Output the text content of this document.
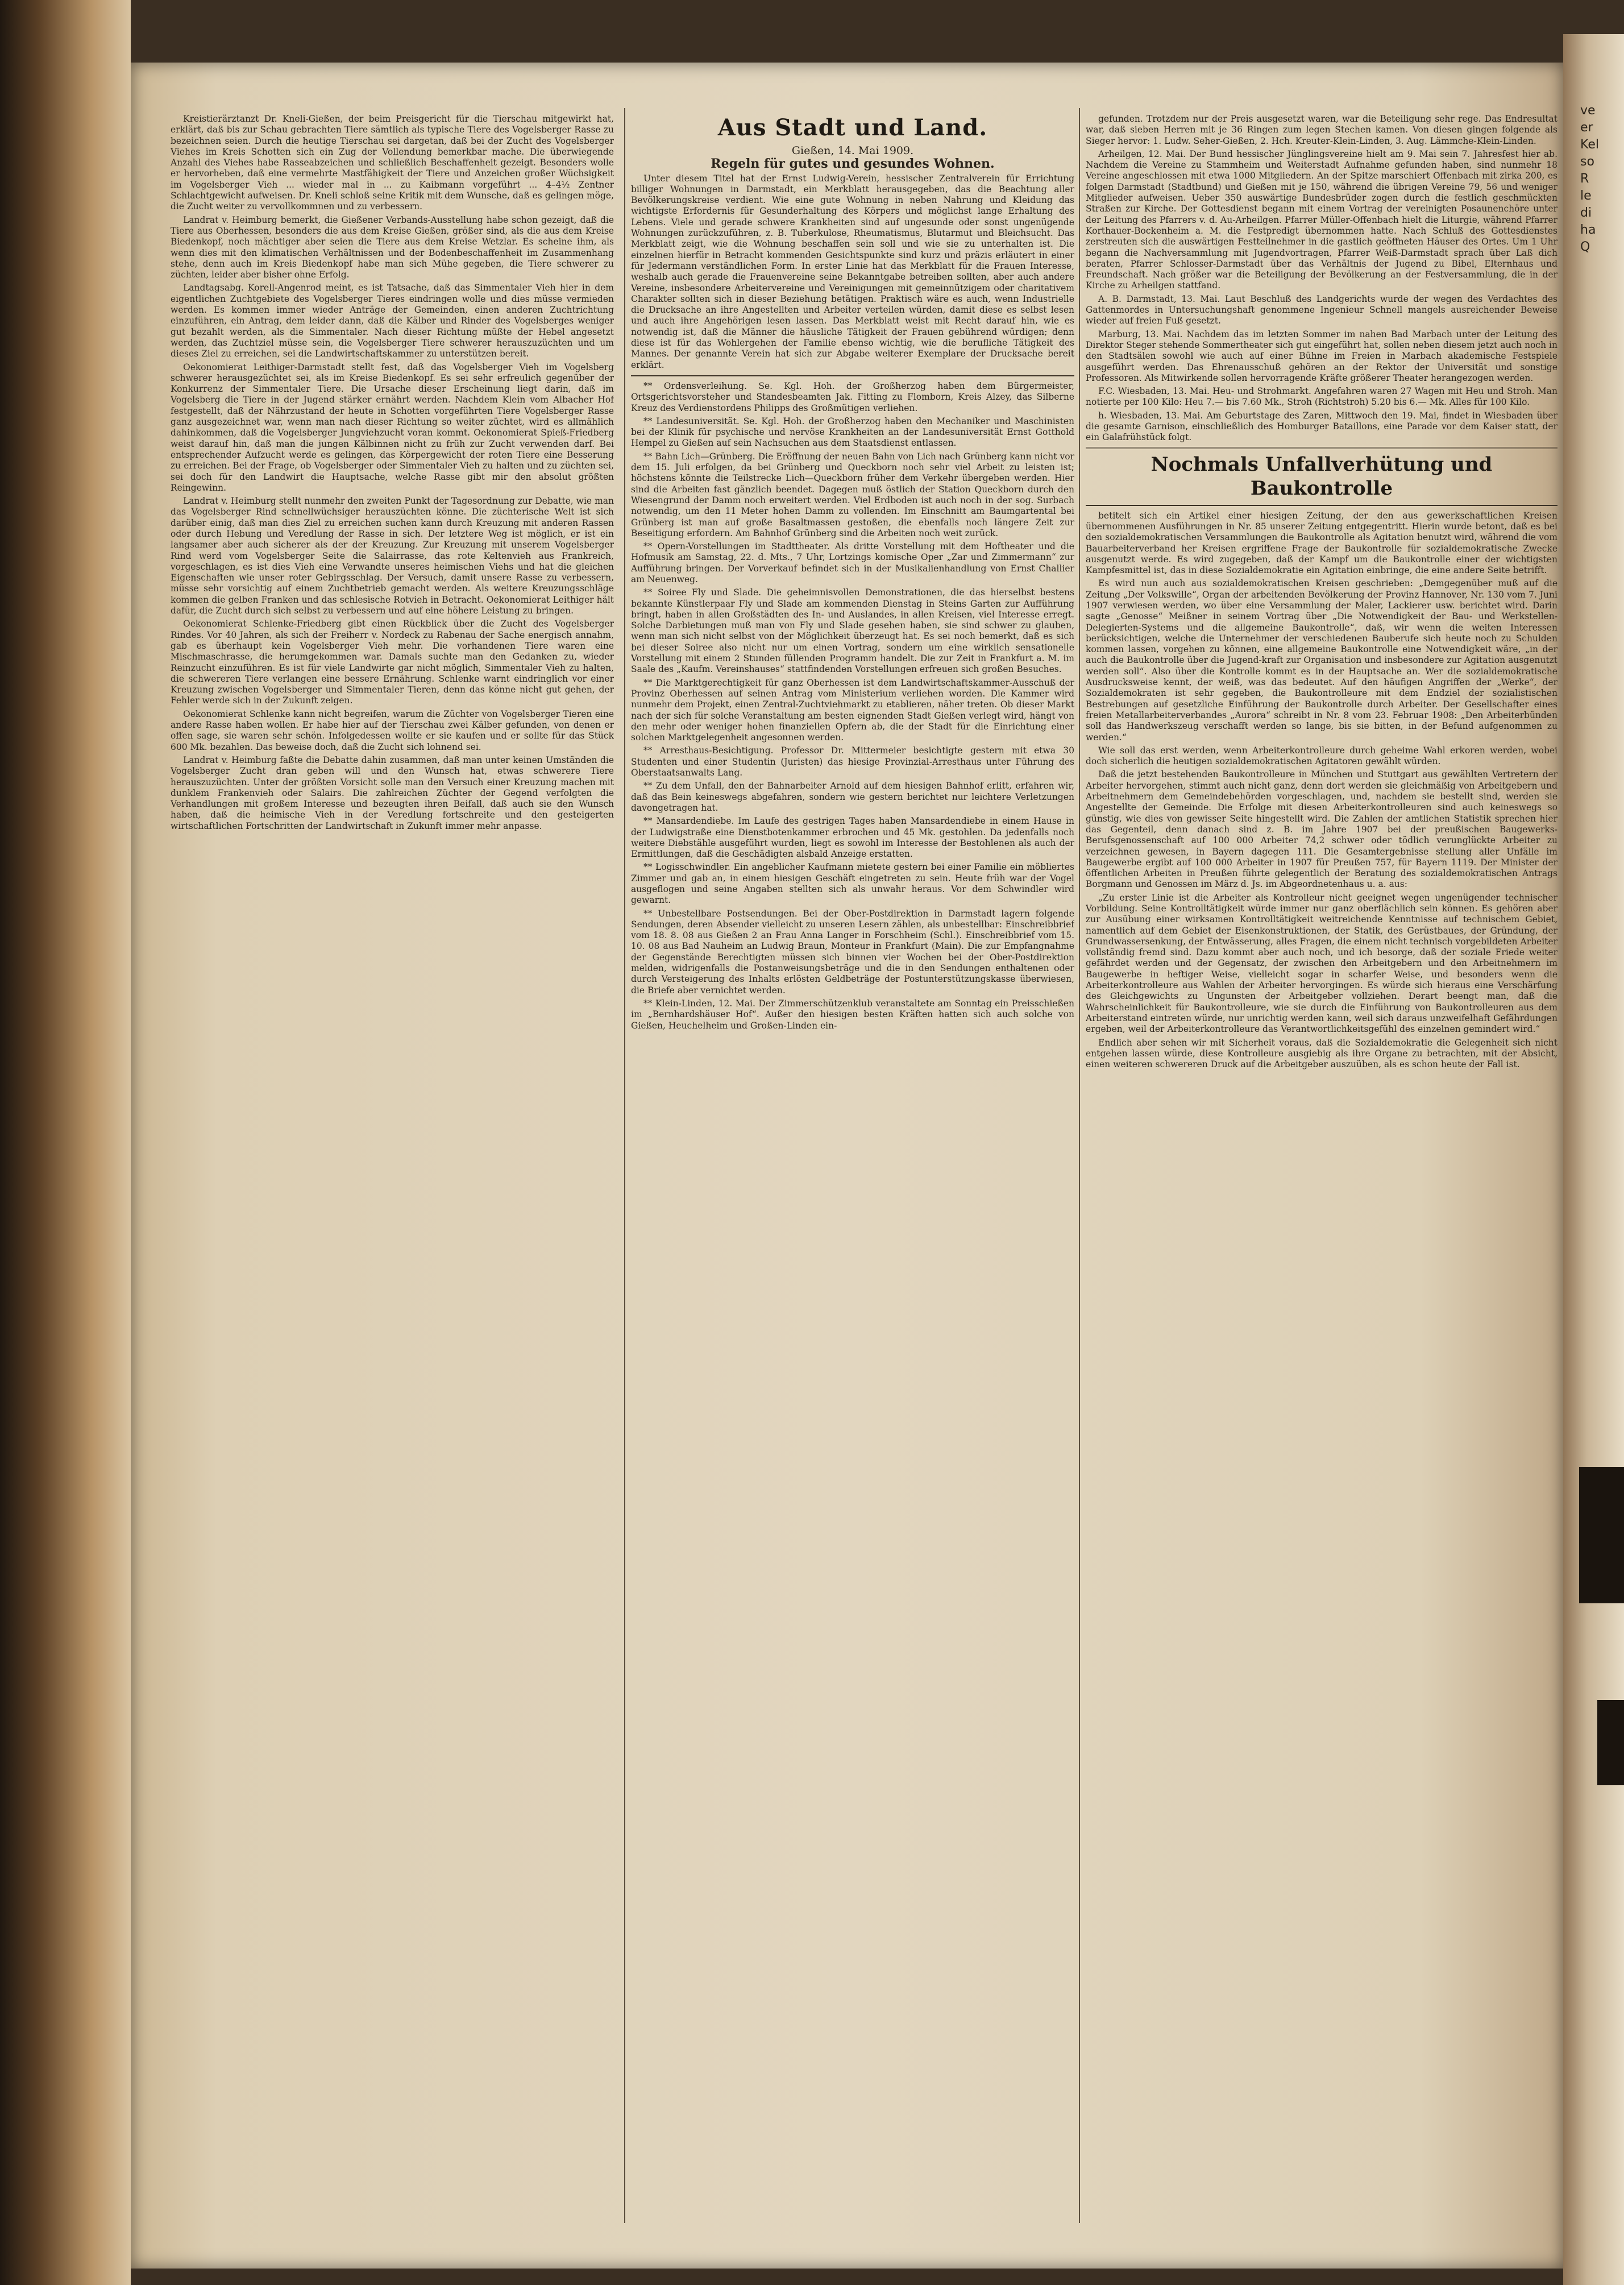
Kreistierärztanzt Dr. Kneli-Gießen, der beim Preisgericht für die Tierschau mitgewirkt hat, erklärt, daß bis zur Schau gebrachten Tiere sämtlich als typische Tiere des Vogelsberger Rasse zu bezeichnen seien. Durch die heutige Tierschau sei dargetan, daß bei der Zucht des Vogelsberger Viehes im Kreis Schotten sich ein Zug der Vollendung bemerkbar mache. Die überwiegende Anzahl des Viehes habe Rasseabzeichen und schließlich Beschaffenheit gezeigt. Besonders wolle er hervorheben, daß eine vermehrte Mastfähigkeit der Tiere und Anzeichen großer Wüchsigkeit im Vogelsberger Vieh ... wieder mal in ... zu Kaibmann vorgeführt ... 4–4½ Zentner Schlachtgewicht aufweisen. Dr. Kneli schloß seine Kritik mit dem Wunsche, daß es gelingen möge, die Zucht weiter zu vervollkommnen und zu verbessern.

Landrat v. Heimburg bemerkt, die Gießener Verbands-Ausstellung habe schon gezeigt, daß die Tiere aus Oberhessen, besonders die aus dem Kreise Gießen, größer sind, als die aus dem Kreise Biedenkopf, noch mächtiger aber seien die Tiere aus dem Kreise Wetzlar. Es scheine ihm, als wenn dies mit den klimatischen Verhältnissen und der Bodenbeschaffenheit im Zusammenhang stehe, denn auch im Kreis Biedenkopf habe man sich Mühe gegeben, die Tiere schwerer zu züchten, leider aber bisher ohne Erfolg.

Landtagsabg. Korell-Angenrod meint, es ist Tatsache, daß das Simmentaler Vieh hier in dem eigentlichen Zuchtgebiete des Vogelsberger Tieres eindringen wolle und dies müsse vermieden werden. Es kommen immer wieder Anträge der Gemeinden, einen anderen Zuchtrichtung einzuführen, ein Antrag, dem leider dann, daß die Kälber und Rinder des Vogelsberges weniger gut bezahlt werden, als die Simmentaler. Nach dieser Richtung müßte der Hebel angesetzt werden, das Zuchtziel müsse sein, die Vogelsberger Tiere schwerer herauszuzüchten und um dieses Ziel zu erreichen, sei die Landwirtschaftskammer zu unterstützen bereit.

Oekonomierat Leithiger-Darmstadt stellt fest, daß das Vogelsberger Vieh im Vogelsberg schwerer herausgezüchtet sei, als im Kreise Biedenkopf. Es sei sehr erfreulich gegenüber der Konkurrenz der Simmentaler Tiere. Die Ursache dieser Erscheinung liegt darin, daß im Vogelsberg die Tiere in der Jugend stärker ernährt werden. Nachdem Klein vom Albacher Hof festgestellt, daß der Nährzustand der heute in Schotten vorgeführten Tiere Vogelsberger Rasse ganz ausgezeichnet war, wenn man nach dieser Richtung so weiter züchtet, wird es allmählich dahinkommen, daß die Vogelsberger Jungviehzucht voran kommt. Oekonomierat Spieß-Friedberg weist darauf hin, daß man die jungen Kälbinnen nicht zu früh zur Zucht verwenden darf. Bei entsprechender Aufzucht werde es gelingen, das Körpergewicht der roten Tiere eine Besserung zu erreichen. Bei der Frage, ob Vogelsberger oder Simmentaler Vieh zu halten und zu züchten sei, sei doch für den Landwirt die Hauptsache, welche Rasse gibt mir den absolut größten Reingewinn.

Landrat v. Heimburg stellt nunmehr den zweiten Punkt der Tagesordnung zur Debatte, wie man das Vogelsberger Rind schnellwüchsiger herauszüchten könne. Die züchterische Welt ist sich darüber einig, daß man dies Ziel zu erreichen suchen kann durch Kreuzung mit anderen Rassen oder durch Hebung und Veredlung der Rasse in sich. Der letztere Weg ist möglich, er ist ein langsamer aber auch sicherer als der der Kreuzung. Zur Kreuzung mit unserem Vogelsberger Rind werd vom Vogelsberger Seite die Salairrasse, das rote Keltenvieh aus Frankreich, vorgeschlagen, es ist dies Vieh eine Verwandte unseres heimischen Viehs und hat die gleichen Eigenschaften wie unser roter Gebirgsschlag. Der Versuch, damit unsere Rasse zu verbessern, müsse sehr vorsichtig auf einem Zuchtbetrieb gemacht werden. Als weitere Kreuzungsschläge kommen die gelben Franken und das schlesische Rotvieh in Betracht. Oekonomierat Leithiger hält dafür, die Zucht durch sich selbst zu verbessern und auf eine höhere Leistung zu bringen.

Oekonomierat Schlenke-Friedberg gibt einen Rückblick über die Zucht des Vogelsberger Rindes. Vor 40 Jahren, als sich der Freiherr v. Nordeck zu Rabenau der Sache energisch annahm, gab es überhaupt kein Vogelsberger Vieh mehr. Die vorhandenen Tiere waren eine Mischmaschrasse, die herumgekommen war. Damals suchte man den Gedanken zu, wieder Reinzucht einzuführen. Es ist für viele Landwirte gar nicht möglich, Simmentaler Vieh zu halten, die schwereren Tiere verlangen eine bessere Ernährung. Schlenke warnt eindringlich vor einer Kreuzung zwischen Vogelsberger und Simmentaler Tieren, denn das könne nicht gut gehen, der Fehler werde sich in der Zukunft zeigen.

Oekonomierat Schlenke kann nicht begreifen, warum die Züchter von Vogelsberger Tieren eine andere Rasse haben wollen. Er habe hier auf der Tierschau zwei Kälber gefunden, von denen er offen sage, sie waren sehr schön. Infolgedessen wollte er sie kaufen und er sollte für das Stück 600 Mk. bezahlen. Das beweise doch, daß die Zucht sich lohnend sei.

Landrat v. Heimburg faßte die Debatte dahin zusammen, daß man unter keinen Umständen die Vogelsberger Zucht dran geben will und den Wunsch hat, etwas schwerere Tiere herauszuzüchten. Unter der größten Vorsicht solle man den Versuch einer Kreuzung machen mit dunklem Frankenvieh oder Salairs. Die zahlreichen Züchter der Gegend verfolgten die Verhandlungen mit großem Interesse und bezeugten ihren Beifall, daß auch sie den Wunsch haben, daß die heimische Vieh in der Veredlung fortschreite und den gesteigerten wirtschaftlichen Fortschritten der Landwirtschaft in Zukunft immer mehr anpasse.

Aus Stadt und Land.
Gießen, 14. Mai 1909.
Regeln für gutes und gesundes Wohnen.

Unter diesem Titel hat der Ernst Ludwig-Verein, hessischer Zentralverein für Errichtung billiger Wohnungen in Darmstadt, ein Merkblatt herausgegeben, das die Beachtung aller Bevölkerungskreise verdient. Wie eine gute Wohnung in neben Nahrung und Kleidung das wichtigste Erfordernis für Gesunderhaltung des Körpers und möglichst lange Erhaltung des Lebens. Viele und gerade schwere Krankheiten sind auf ungesunde oder sonst ungenügende Wohnungen zurückzuführen, z. B. Tuberkulose, Rheumatismus, Blutarmut und Bleichsucht. Das Merkblatt zeigt, wie die Wohnung beschaffen sein soll und wie sie zu unterhalten ist. Die einzelnen hierfür in Betracht kommenden Gesichtspunkte sind kurz und präzis erläutert in einer für Jedermann verständlichen Form. In erster Linie hat das Merkblatt für die Frauen Interesse, weshalb auch gerade die Frauenvereine seine Bekanntgabe betreiben sollten, aber auch andere Vereine, insbesondere Arbeitervereine und Vereinigungen mit gemeinnützigem oder charitativem Charakter sollten sich in dieser Beziehung betätigen. Praktisch wäre es auch, wenn Industrielle die Drucksache an ihre Angestellten und Arbeiter verteilen würden, damit diese es selbst lesen und auch ihre Angehörigen lesen lassen. Das Merkblatt weist mit Recht darauf hin, wie es notwendig ist, daß die Männer die häusliche Tätigkeit der Frauen gebührend würdigen; denn diese ist für das Wohlergehen der Familie ebenso wichtig, wie die berufliche Tätigkeit des Mannes. Der genannte Verein hat sich zur Abgabe weiterer Exemplare der Drucksache bereit erklärt.

** Ordensverleihung. Se. Kgl. Hoh. der Großherzog haben dem Bürgermeister, Ortsgerichtsvorsteher und Standesbeamten Jak. Fitting zu Flomborn, Kreis Alzey, das Silberne Kreuz des Verdienstordens Philipps des Großmütigen verliehen.

** Landesuniversität. Se. Kgl. Hoh. der Großherzog haben den Mechaniker und Maschinisten bei der Klinik für psychische und nervöse Krankheiten an der Landesuniversität Ernst Gotthold Hempel zu Gießen auf sein Nachsuchen aus dem Staatsdienst entlassen.

** Bahn Lich—Grünberg. Die Eröffnung der neuen Bahn von Lich nach Grünberg kann nicht vor dem 15. Juli erfolgen, da bei Grünberg und Queckborn noch sehr viel Arbeit zu leisten ist; höchstens könnte die Teilstrecke Lich—Queckborn früher dem Verkehr übergeben werden. Hier sind die Arbeiten fast gänzlich beendet. Dagegen muß östlich der Station Queckborn durch den Wiesengrund der Damm noch erweitert werden. Viel Erdboden ist auch noch in der sog. Surbach notwendig, um den 11 Meter hohen Damm zu vollenden. Im Einschnitt am Baumgartental bei Grünberg ist man auf große Basaltmassen gestoßen, die ebenfalls noch längere Zeit zur Beseitigung erfordern. Am Bahnhof Grünberg sind die Arbeiten noch weit zurück.

** Opern-Vorstellungen im Stadttheater. Als dritte Vorstellung mit dem Hoftheater und die Hofmusik am Samstag, 22. d. Mts., 7 Uhr, Lortzings komische Oper „Zar und Zimmermann“ zur Aufführung bringen. Der Vorverkauf befindet sich in der Musikalienhandlung von Ernst Challier am Neuenweg.

** Soiree Fly und Slade. Die geheimnisvollen Demonstrationen, die das hierselbst bestens bekannte Künstlerpaar Fly und Slade am kommenden Dienstag in Steins Garten zur Aufführung bringt, haben in allen Großstädten des In- und Auslandes, in allen Kreisen, viel Interesse erregt. Solche Darbietungen muß man von Fly und Slade gesehen haben, sie sind schwer zu glauben, wenn man sich nicht selbst von der Möglichkeit überzeugt hat. Es sei noch bemerkt, daß es sich bei dieser Soiree also nicht nur um einen Vortrag, sondern um eine wirklich sensationelle Vorstellung mit einem 2 Stunden füllenden Programm handelt. Die zur Zeit in Frankfurt a. M. im Saale des „Kaufm. Vereinshauses“ stattfindenden Vorstellungen erfreuen sich großen Besuches.

** Die Marktgerechtigkeit für ganz Oberhessen ist dem Landwirtschaftskammer-Ausschuß der Provinz Oberhessen auf seinen Antrag vom Ministerium verliehen worden. Die Kammer wird nunmehr dem Projekt, einen Zentral-Zuchtviehmarkt zu etablieren, näher treten. Ob dieser Markt nach der sich für solche Veranstaltung am besten eignenden Stadt Gießen verlegt wird, hängt von den mehr oder weniger hohen finanziellen Opfern ab, die der Stadt für die Einrichtung einer solchen Marktgelegenheit angesonnen werden.

** Arresthaus-Besichtigung. Professor Dr. Mittermeier besichtigte gestern mit etwa 30 Studenten und einer Studentin (Juristen) das hiesige Provinzial-Arresthaus unter Führung des Oberstaatsanwalts Lang.

** Zu dem Unfall, den der Bahnarbeiter Arnold auf dem hiesigen Bahnhof erlitt, erfahren wir, daß das Bein keineswegs abgefahren, sondern wie gestern berichtet nur leichtere Verletzungen davongetragen hat.

** Mansardendiebe. Im Laufe des gestrigen Tages haben Mansardendiebe in einem Hause in der Ludwigstraße eine Dienstbotenkammer erbrochen und 45 Mk. gestohlen. Da jedenfalls noch weitere Diebstähle ausgeführt wurden, liegt es sowohl im Interesse der Bestohlenen als auch der Ermittlungen, daß die Geschädigten alsbald Anzeige erstatten.

** Logisschwindler. Ein angeblicher Kaufmann mietete gestern bei einer Familie ein möbliertes Zimmer und gab an, in einem hiesigen Geschäft eingetreten zu sein. Heute früh war der Vogel ausgeflogen und seine Angaben stellten sich als unwahr heraus. Vor dem Schwindler wird gewarnt.

** Unbestellbare Postsendungen. Bei der Ober-Postdirektion in Darmstadt lagern folgende Sendungen, deren Absender vielleicht zu unseren Lesern zählen, als unbestellbar: Einschreibbrief vom 18. 8. 08 aus Gießen 2 an Frau Anna Langer in Forschheim (Schl.). Einschreibbrief vom 15. 10. 08 aus Bad Nauheim an Ludwig Braun, Monteur in Frankfurt (Main). Die zur Empfangnahme der Gegenstände Berechtigten müssen sich binnen vier Wochen bei der Ober-Postdirektion melden, widrigenfalls die Postanweisungsbeträge und die in den Sendungen enthaltenen oder durch Versteigerung des Inhalts erlösten Geldbeträge der Postunterstützungskasse überwiesen, die Briefe aber vernichtet werden.

** Klein-Linden, 12. Mai. Der Zimmerschützenklub veranstaltete am Sonntag ein Preisschießen im „Bernhardshäuser Hof“. Außer den hiesigen besten Kräften hatten sich auch solche von Gießen, Heuchelheim und Großen-Linden ein-

gefunden. Trotzdem nur der Preis ausgesetzt waren, war die Beteiligung sehr rege. Das Endresultat war, daß sieben Herren mit je 36 Ringen zum legen Stechen kamen. Von diesen gingen folgende als Sieger hervor: 1. Ludw. Seher-Gießen, 2. Hch. Kreuter-Klein-Linden, 3. Aug. Lämmche-Klein-Linden.

Arheilgen, 12. Mai. Der Bund hessischer Jünglingsvereine hielt am 9. Mai sein 7. Jahresfest hier ab. Nachdem die Vereine zu Stammheim und Weiterstadt Aufnahme gefunden haben, sind nunmehr 18 Vereine angeschlossen mit etwa 1000 Mitgliedern. An der Spitze marschiert Offenbach mit zirka 200, es folgen Darmstadt (Stadtbund) und Gießen mit je 150, während die übrigen Vereine 79, 56 und weniger Mitglieder aufweisen. Ueber 350 auswärtige Bundesbrüder zogen durch die festlich geschmückten Straßen zur Kirche. Der Gottesdienst begann mit einem Vortrag der vereinigten Posaunenchöre unter der Leitung des Pfarrers v. d. Au-Arheilgen. Pfarrer Müller-Offenbach hielt die Liturgie, während Pfarrer Korthauer-Bockenheim a. M. die Festpredigt übernommen hatte. Nach Schluß des Gottesdienstes zerstreuten sich die auswärtigen Festteilnehmer in die gastlich geöffneten Häuser des Ortes. Um 1 Uhr begann die Nachversammlung mit Jugendvortragen, Pfarrer Weiß-Darmstadt sprach über Laß dich beraten, Pfarrer Schlosser-Darmstadt über das Verhältnis der Jugend zu Bibel, Elternhaus und Freundschaft. Nach größer war die Beteiligung der Bevölkerung an der Festversammlung, die in der Kirche zu Arheilgen stattfand.

A. B. Darmstadt, 13. Mai. Laut Beschluß des Landgerichts wurde der wegen des Verdachtes des Gattenmordes in Untersuchungshaft genommene Ingenieur Schnell mangels ausreichender Beweise wieder auf freien Fuß gesetzt.

Marburg, 13. Mai. Nachdem das im letzten Sommer im nahen Bad Marbach unter der Leitung des Direktor Steger stehende Sommertheater sich gut eingeführt hat, sollen neben diesem jetzt auch noch in den Stadtsälen sowohl wie auch auf einer Bühne im Freien in Marbach akademische Festspiele ausgeführt werden. Das Ehrenausschuß gehören an der Rektor der Universität und sonstige Professoren. Als Mitwirkende sollen hervorragende Kräfte größerer Theater herangezogen werden.

F.C. Wiesbaden, 13. Mai. Heu- und Strohmarkt. Angefahren waren 27 Wagen mit Heu und Stroh. Man notierte per 100 Kilo: Heu 7.— bis 7.60 Mk., Stroh (Richtstroh) 5.20 bis 6.— Mk. Alles für 100 Kilo.

h. Wiesbaden, 13. Mai. Am Geburtstage des Zaren, Mittwoch den 19. Mai, findet in Wiesbaden über die gesamte Garnison, einschließlich des Homburger Bataillons, eine Parade vor dem Kaiser statt, der ein Galafrühstück folgt.

Nochmals Unfallverhütung und Baukontrolle

betitelt sich ein Artikel einer hiesigen Zeitung, der den aus gewerkschaftlichen Kreisen übernommenen Ausführungen in Nr. 85 unserer Zeitung entgegentritt. Hierin wurde betont, daß es bei den sozialdemokratischen Versammlungen die Baukontrolle als Agitation benutzt wird, während die vom Bauarbeiterverband her Kreisen ergriffene Frage der Baukontrolle für sozialdemokratische Zwecke ausgenutzt werde. Es wird zugegeben, daß der Kampf um die Baukontrolle einer der wichtigsten Kampfesmittel ist, das in diese Sozialdemokratie ein Agitation einbringe, die eine andere Seite betrifft.

Es wird nun auch aus sozialdemokratischen Kreisen geschrieben: „Demgegenüber muß auf die Zeitung „Der Volkswille“, Organ der arbeitenden Bevölkerung der Provinz Hannover, Nr. 130 vom 7. Juni 1907 verwiesen werden, wo über eine Versammlung der Maler, Lackierer usw. berichtet wird. Darin sagte „Genosse“ Meißner in seinem Vortrag über „Die Notwendigkeit der Bau- und Werkstellen-Delegierten-Systems und die allgemeine Baukontrolle“, daß, wir wenn die weiten Interessen berücksichtigen, welche die Unternehmer der verschiedenen Bauberufe sich heute noch zu Schulden kommen lassen, vorgehen zu können, eine allgemeine Baukontrolle eine Notwendigkeit wäre, „in der auch die Baukontrolle über die Jugend-kraft zur Organisation und insbesondere zur Agitation ausgenutzt werden soll“. Also über die Kontrolle kommt es in der Hauptsache an. Wer die sozialdemokratische Ausdrucksweise kennt, der weiß, was das bedeutet. Auf den häufigen Angriffen der „Werke“, der Sozialdemokraten ist sehr gegeben, die Baukontrolleure mit dem Endziel der sozialistischen Bestrebungen auf gesetzliche Einführung der Baukontrolle durch Arbeiter. Der Gesellschafter eines freien Metallarbeiterverbandes „Aurora“ schreibt in Nr. 8 vom 23. Februar 1908: „Den Arbeiterbünden soll das Handwerkszeug verschafft werden so lange, bis sie bitten, in der Befund aufgenommen zu werden.“

Wie soll das erst werden, wenn Arbeiterkontrolleure durch geheime Wahl erkoren werden, wobei doch sicherlich die heutigen sozialdemokratischen Agitatoren gewählt würden.

Daß die jetzt bestehenden Baukontrolleure in München und Stuttgart aus gewählten Vertretern der Arbeiter hervorgehen, stimmt auch nicht ganz, denn dort werden sie gleichmäßig von Arbeitgebern und Arbeitnehmern dem Gemeindebehörden vorgeschlagen, und, nachdem sie bestellt sind, werden sie Angestellte der Gemeinde. Die Erfolge mit diesen Arbeiterkontrolleuren sind auch keineswegs so günstig, wie dies von gewisser Seite hingestellt wird. Die Zahlen der amtlichen Statistik sprechen hier das Gegenteil, denn danach sind z. B. im Jahre 1907 bei der preußischen Baugewerks-Berufsgenossenschaft auf 100 000 Arbeiter 74,2 schwer oder tödlich verunglückte Arbeiter zu verzeichnen gewesen, in Bayern dagegen 111. Die Gesamtergebnisse stellung aller Unfälle im Baugewerbe ergibt auf 100 000 Arbeiter in 1907 für Preußen 757, für Bayern 1119. Der Minister der öffentlichen Arbeiten in Preußen führte gelegentlich der Beratung des sozialdemokratischen Antrags Borgmann und Genossen im März d. Js. im Abgeordnetenhaus u. a. aus:

„Zu erster Linie ist die Arbeiter als Kontrolleur nicht geeignet wegen ungenügender technischer Vorbildung. Seine Kontrolltätigkeit würde immer nur ganz oberflächlich sein können. Es gehören aber zur Ausübung einer wirksamen Kontrolltätigkeit weitreichende Kenntnisse auf technischem Gebiet, namentlich auf dem Gebiet der Eisenkonstruktionen, der Statik, des Gerüstbaues, der Gründung, der Grundwassersenkung, der Entwässerung, alles Fragen, die einem nicht technisch vorgebildeten Arbeiter vollständig fremd sind. Dazu kommt aber auch noch, und ich besorge, daß der soziale Friede weiter gefährdet werden und der Gegensatz, der zwischen den Arbeitgebern und den Arbeitnehmern im Baugewerbe in heftiger Weise, vielleicht sogar in scharfer Weise, und besonders wenn die Arbeiterkontrolleure aus Wahlen der Arbeiter hervorgingen. Es würde sich hieraus eine Verschärfung des Gleichgewichts zu Ungunsten der Arbeitgeber vollziehen. Derart beengt man, daß die Wahrscheinlichkeit für Baukontrolleure, wie sie durch die Einführung von Baukontrolleuren aus dem Arbeiterstand eintreten würde, nur unrichtig werden kann, weil sich daraus unzweifelhaft Gefährdungen ergeben, weil der Arbeiterkontrolleure das Verantwortlichkeitsgefühl des einzelnen gemindert wird.“

Endlich aber sehen wir mit Sicherheit voraus, daß die Sozialdemokratie die Gelegenheit sich nicht entgehen lassen würde, diese Kontrolleure ausgiebig als ihre Organe zu betrachten, mit der Absicht, einen weiteren schwereren Druck auf die Arbeitgeber auszuüben, als es schon heute der Fall ist.

ve
er
Kel
so
R
le
di
ha
Q
